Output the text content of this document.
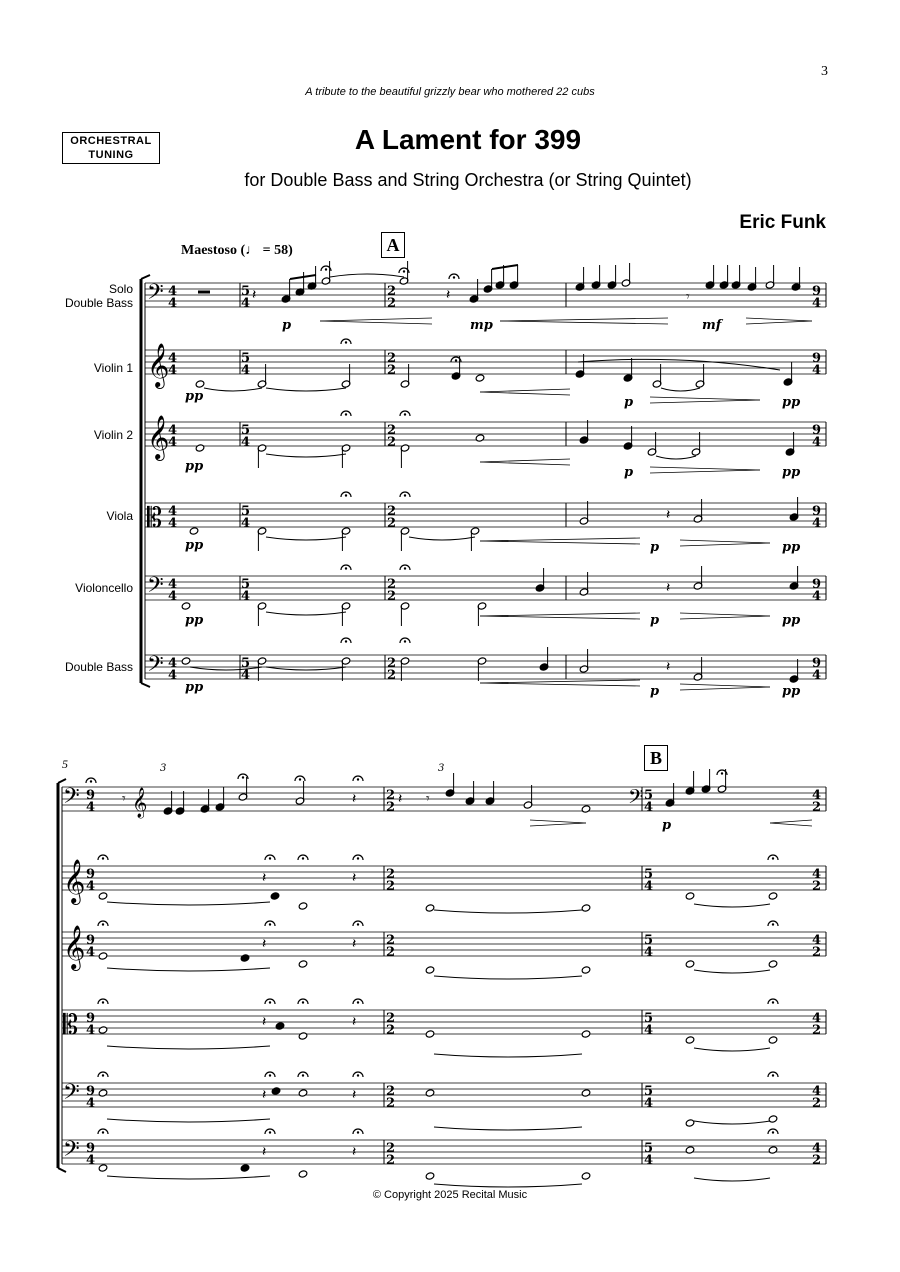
3
A tribute to the beautiful grizzly bear who mothered 22 cubs
ORCHESTRAL TUNING	A Lament for 399
for Double Bass and String Orchestra (or String Quintet)
Eric Funk
Maestoso (♩ = 58)	A
B
Solo
Double Bass
Violin 1
Violin 2
Viola
Violoncello
Double Bass
5
© Copyright 2025 Recital Music
𝄢 4
4
5
4
2
2
9
4
𝄞
4
4
5
4
2
2
9
4
𝄞
4
4
5
4
2
2
9
4
𝄡 4
4
5
4
2
2
9
4
𝄢 4
4
5
4
2
2
9
4
𝄢 4
4
5
4
2
2
9
4
𝄽	𝄽	𝄾
p	mp	mf
pp	p	pp
pp	p	pp
𝄽
pp	p	pp
𝄽
pp	p	pp
𝄽
pp	p	pp
𝄢 9
4
2
2
5
4
4
2
𝄞 9
4
2
2
5
4
4
2
𝄞 9
4
2
2
5
4
4
2
𝄡 9
4
2
2
5
4
4
2
𝄢 9
4
2
2
5
4
4
2
𝄢 9
4
2
2
5
4
4
2
𝄾 𝄞
3
𝄽	𝄽 𝄾
3
𝄢
p
𝄽	𝄽
𝄽	𝄽
𝄽	𝄽
𝄽	𝄽
𝄽	𝄽
